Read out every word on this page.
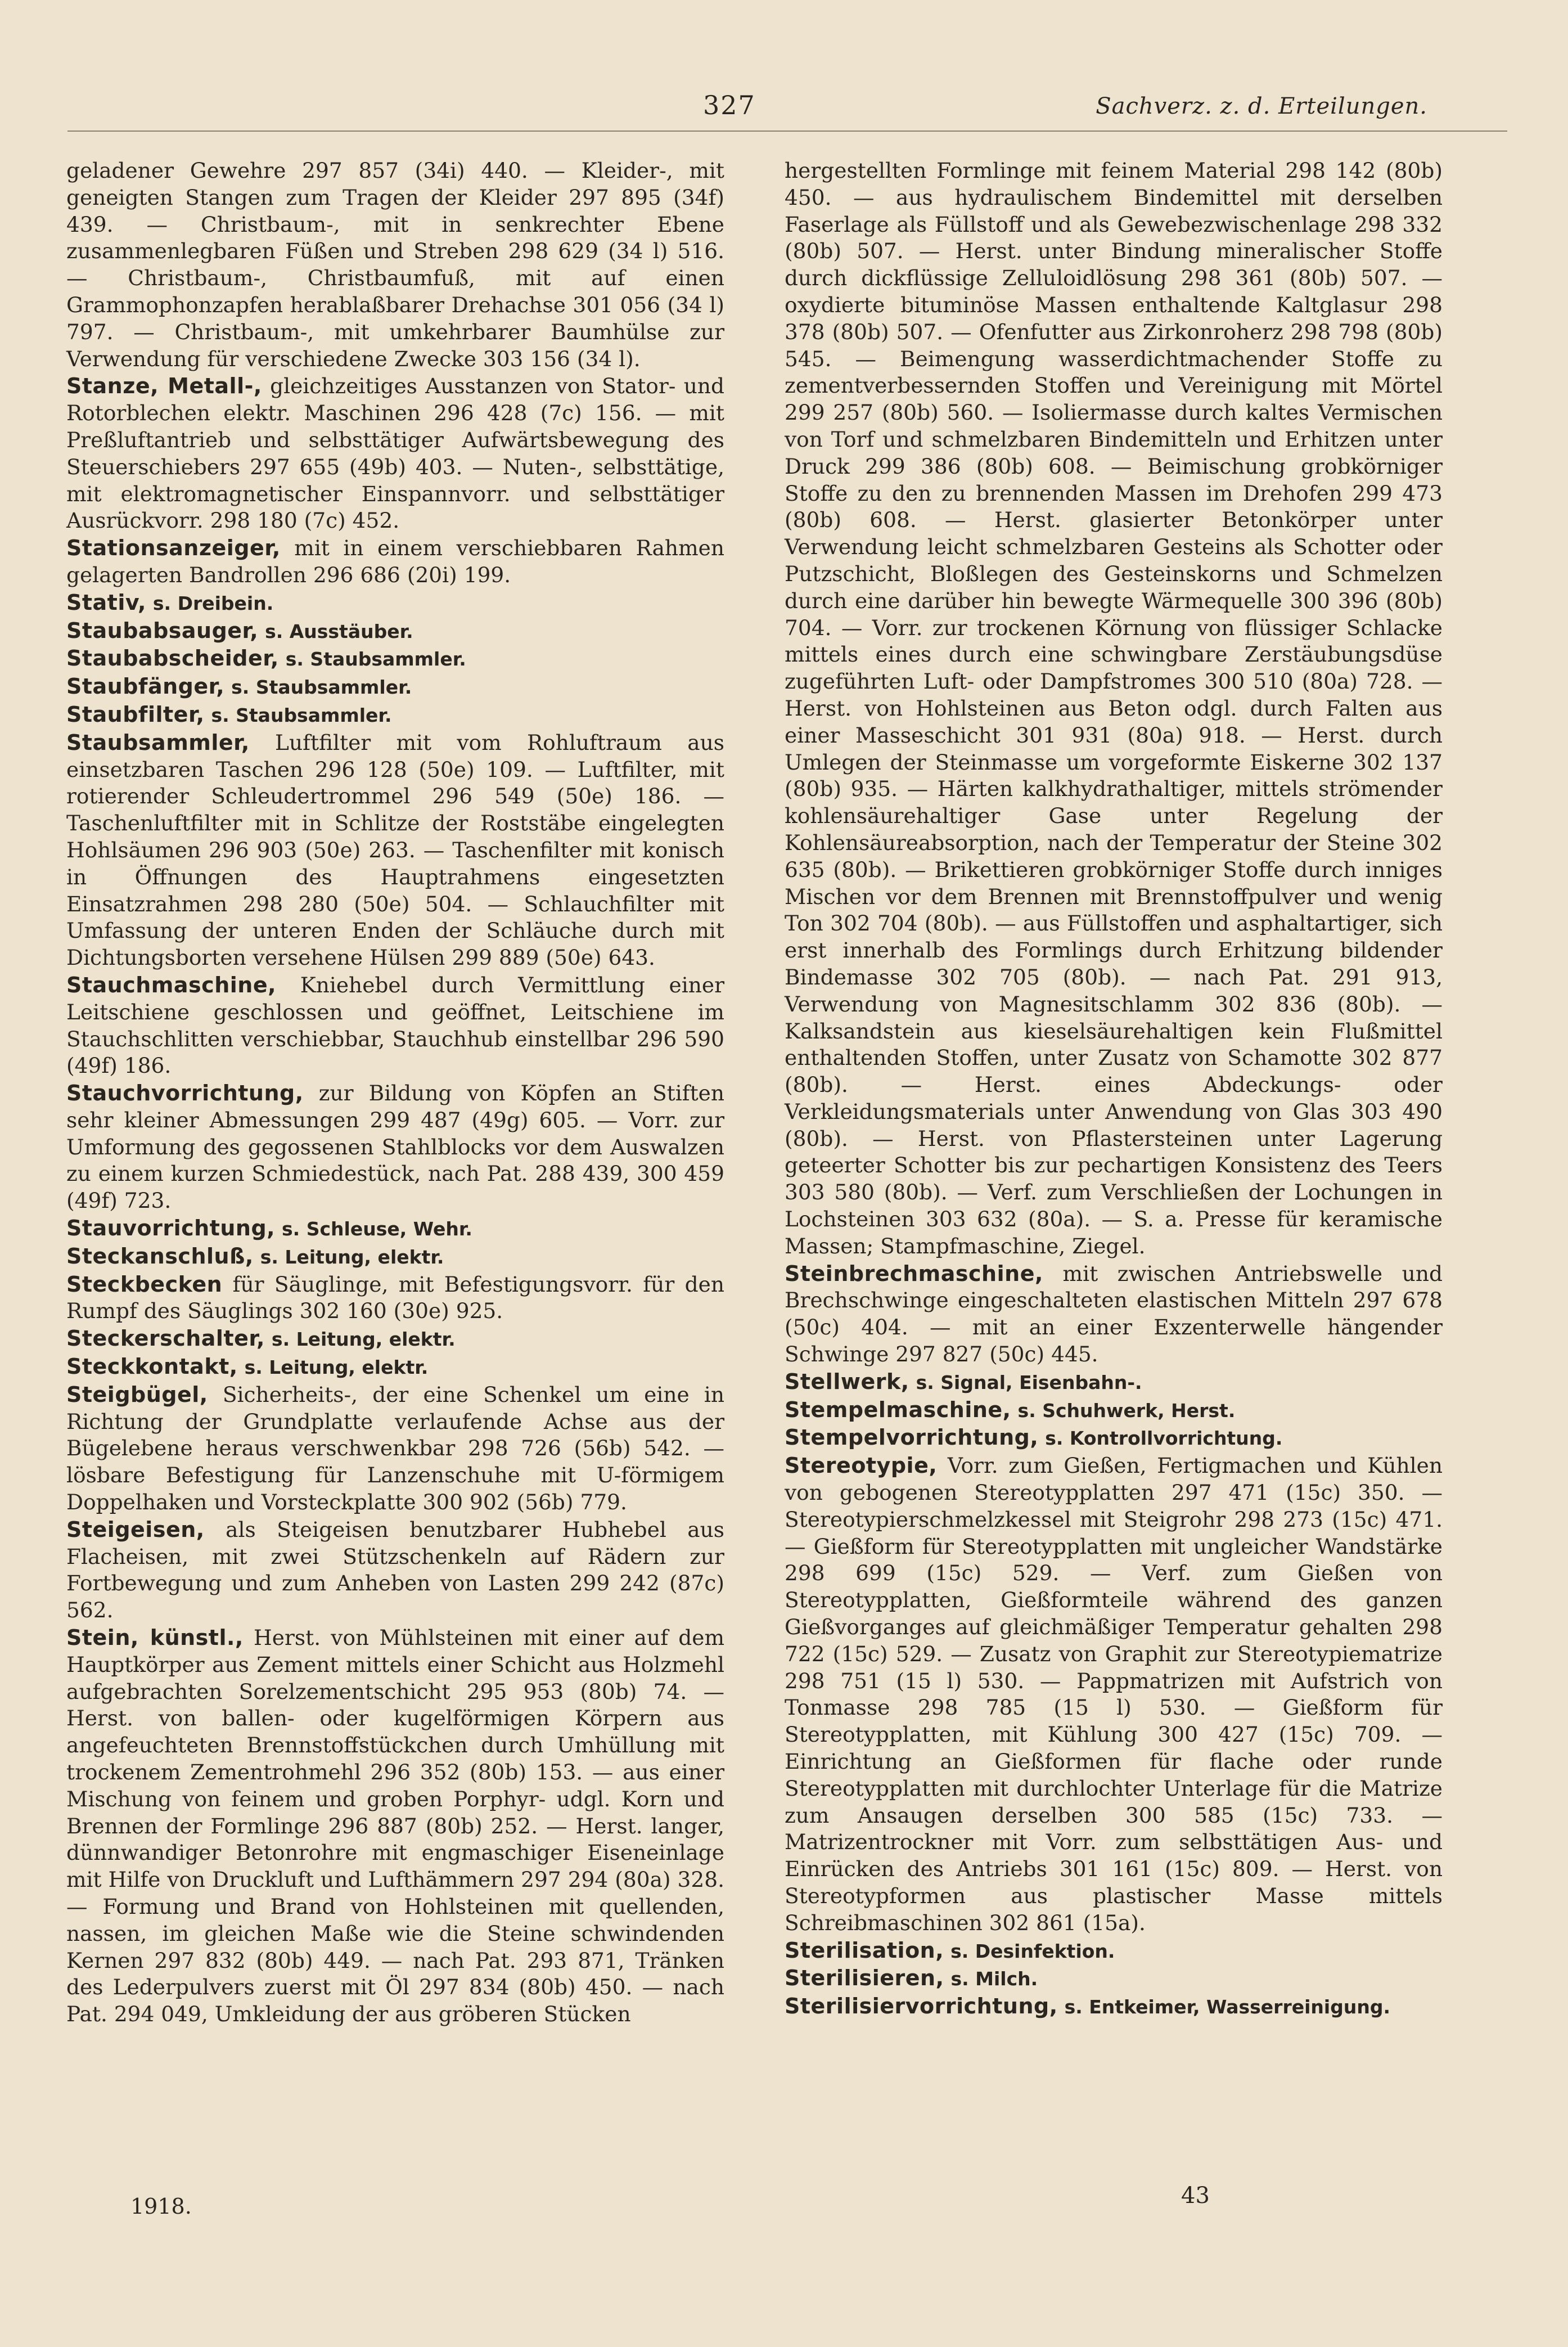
327	Sachverz. z. d. Erteilungen.

geladener Gewehre 297 857 (34i) 440. — Kleider-, mit geneigten Stangen zum Tragen der Kleider 297 895 (34f) 439. — Christbaum-, mit in senkrechter Ebene zusammenlegbaren Füßen und Streben 298 629 (34 l) 516. — Christbaum-, Christbaumfuß, mit auf einen Grammophonzapfen herablaßbarer Drehachse 301 056 (34 l) 797. — Christbaum-, mit umkehrbarer Baumhülse zur Verwendung für verschiedene Zwecke 303 156 (34 l).

Stanze, Metall-, gleichzeitiges Ausstanzen von Stator- und Rotorblechen elektr. Maschinen 296 428 (7c) 156. — mit Preßluftantrieb und selbsttätiger Aufwärtsbewegung des Steuerschiebers 297 655 (49b) 403. — Nuten-, selbsttätige, mit elektromagnetischer Einspannvorr. und selbsttätiger Ausrückvorr. 298 180 (7c) 452.

Stationsanzeiger, mit in einem verschiebbaren Rahmen gelagerten Bandrollen 296 686 (20i) 199.

Stativ, s. Dreibein.

Staubabsauger, s. Ausstäuber.

Staubabscheider, s. Staubsammler.

Staubfänger, s. Staubsammler.

Staubfilter, s. Staubsammler.

Staubsammler, Luftfilter mit vom Rohluftraum aus einsetzbaren Taschen 296 128 (50e) 109. — Luftfilter, mit rotierender Schleudertrommel 296 549 (50e) 186. — Taschenluftfilter mit in Schlitze der Roststäbe eingelegten Hohlsäumen 296 903 (50e) 263. — Taschenfilter mit konisch in Öffnungen des Hauptrahmens eingesetzten Einsatzrahmen 298 280 (50e) 504. — Schlauchfilter mit Umfassung der unteren Enden der Schläuche durch mit Dichtungsborten versehene Hülsen 299 889 (50e) 643.

Stauchmaschine, Kniehebel durch Vermittlung einer Leitschiene geschlossen und geöffnet, Leitschiene im Stauchschlitten verschiebbar, Stauchhub einstellbar 296 590 (49f) 186.

Stauchvorrichtung, zur Bildung von Köpfen an Stiften sehr kleiner Abmessungen 299 487 (49g) 605. — Vorr. zur Umformung des gegossenen Stahlblocks vor dem Auswalzen zu einem kurzen Schmiedestück, nach Pat. 288 439, 300 459 (49f) 723.

Stauvorrichtung, s. Schleuse, Wehr.

Steckanschluß, s. Leitung, elektr.

Steckbecken für Säuglinge, mit Befestigungsvorr. für den Rumpf des Säuglings 302 160 (30e) 925.

Steckerschalter, s. Leitung, elektr.

Steckkontakt, s. Leitung, elektr.

Steigbügel, Sicherheits-, der eine Schenkel um eine in Richtung der Grundplatte verlaufende Achse aus der Bügelebene heraus verschwenkbar 298 726 (56b) 542. — lösbare Befestigung für Lanzenschuhe mit U-förmigem Doppelhaken und Vorsteckplatte 300 902 (56b) 779.

Steigeisen, als Steigeisen benutzbarer Hubhebel aus Flacheisen, mit zwei Stützschenkeln auf Rädern zur Fortbewegung und zum Anheben von Lasten 299 242 (87c) 562.

Stein, künstl., Herst. von Mühlsteinen mit einer auf dem Hauptkörper aus Zement mittels einer Schicht aus Holzmehl aufgebrachten Sorelzementschicht 295 953 (80b) 74. — Herst. von ballen- oder kugelförmigen Körpern aus angefeuchteten Brennstoffstückchen durch Umhüllung mit trockenem Zementrohmehl 296 352 (80b) 153. — aus einer Mischung von feinem und groben Porphyr- udgl. Korn und Brennen der Formlinge 296 887 (80b) 252. — Herst. langer, dünnwandiger Betonrohre mit engmaschiger Eiseneinlage mit Hilfe von Druckluft und Lufthämmern 297 294 (80a) 328. — Formung und Brand von Hohlsteinen mit quellenden, nassen, im gleichen Maße wie die Steine schwindenden Kernen 297 832 (80b) 449. — nach Pat. 293 871, Tränken des Lederpulvers zuerst mit Öl 297 834 (80b) 450. — nach Pat. 294 049, Umkleidung der aus gröberen Stücken

hergestellten Formlinge mit feinem Material 298 142 (80b) 450. — aus hydraulischem Bindemittel mit derselben Faserlage als Füllstoff und als Gewebezwischenlage 298 332 (80b) 507. — Herst. unter Bindung mineralischer Stoffe durch dickflüssige Zelluloidlösung 298 361 (80b) 507. — oxydierte bituminöse Massen enthaltende Kaltglasur 298 378 (80b) 507. — Ofenfutter aus Zirkonroherz 298 798 (80b) 545. — Beimengung wasserdichtmachender Stoffe zu zementverbessernden Stoffen und Vereinigung mit Mörtel 299 257 (80b) 560. — Isoliermasse durch kaltes Vermischen von Torf und schmelzbaren Bindemitteln und Erhitzen unter Druck 299 386 (80b) 608. — Beimischung grobkörniger Stoffe zu den zu brennenden Massen im Drehofen 299 473 (80b) 608. — Herst. glasierter Betonkörper unter Verwendung leicht schmelzbaren Gesteins als Schotter oder Putzschicht, Bloßlegen des Gesteinskorns und Schmelzen durch eine darüber hin bewegte Wärmequelle 300 396 (80b) 704. — Vorr. zur trockenen Körnung von flüssiger Schlacke mittels eines durch eine schwingbare Zerstäubungsdüse zugeführten Luft- oder Dampfstromes 300 510 (80a) 728. — Herst. von Hohlsteinen aus Beton odgl. durch Falten aus einer Masseschicht 301 931 (80a) 918. — Herst. durch Umlegen der Steinmasse um vorgeformte Eiskerne 302 137 (80b) 935. — Härten kalkhydrathaltiger, mittels strömender kohlensäurehaltiger Gase unter Regelung der Kohlensäureabsorption, nach der Temperatur der Steine 302 635 (80b). — Brikettieren grobkörniger Stoffe durch inniges Mischen vor dem Brennen mit Brennstoffpulver und wenig Ton 302 704 (80b). — aus Füllstoffen und asphaltartiger, sich erst innerhalb des Formlings durch Erhitzung bildender Bindemasse 302 705 (80b). — nach Pat. 291 913, Verwendung von Magnesitschlamm 302 836 (80b). — Kalksandstein aus kieselsäurehaltigen kein Flußmittel enthaltenden Stoffen, unter Zusatz von Schamotte 302 877 (80b). — Herst. eines Abdeckungs- oder Verkleidungsmaterials unter Anwendung von Glas 303 490 (80b). — Herst. von Pflastersteinen unter Lagerung geteerter Schotter bis zur pechartigen Konsistenz des Teers 303 580 (80b). — Verf. zum Verschließen der Lochungen in Lochsteinen 303 632 (80a). — S. a. Presse für keramische Massen; Stampfmaschine, Ziegel.

Steinbrechmaschine, mit zwischen Antriebswelle und Brechschwinge eingeschalteten elastischen Mitteln 297 678 (50c) 404. — mit an einer Exzenterwelle hängender Schwinge 297 827 (50c) 445.

Stellwerk, s. Signal, Eisenbahn-.

Stempelmaschine, s. Schuhwerk, Herst.

Stempelvorrichtung, s. Kontrollvorrichtung.

Stereotypie, Vorr. zum Gießen, Fertigmachen und Kühlen von gebogenen Stereotypplatten 297 471 (15c) 350. — Stereotypierschmelzkessel mit Steigrohr 298 273 (15c) 471. — Gießform für Stereotypplatten mit ungleicher Wandstärke 298 699 (15c) 529. — Verf. zum Gießen von Stereotypplatten, Gießformteile während des ganzen Gießvorganges auf gleichmäßiger Temperatur gehalten 298 722 (15c) 529. — Zusatz von Graphit zur Stereotypiematrize 298 751 (15 l) 530. — Pappmatrizen mit Aufstrich von Tonmasse 298 785 (15 l) 530. — Gießform für Stereotypplatten, mit Kühlung 300 427 (15c) 709. — Einrichtung an Gießformen für flache oder runde Stereotypplatten mit durchlochter Unterlage für die Matrize zum Ansaugen derselben 300 585 (15c) 733. — Matrizentrockner mit Vorr. zum selbsttätigen Aus- und Einrücken des Antriebs 301 161 (15c) 809. — Herst. von Stereotypformen aus plastischer Masse mittels Schreibmaschinen 302 861 (15a).

Sterilisation, s. Desinfektion.

Sterilisieren, s. Milch.

Sterilisiervorrichtung, s. Entkeimer, Wasserreinigung.

1918.	43
